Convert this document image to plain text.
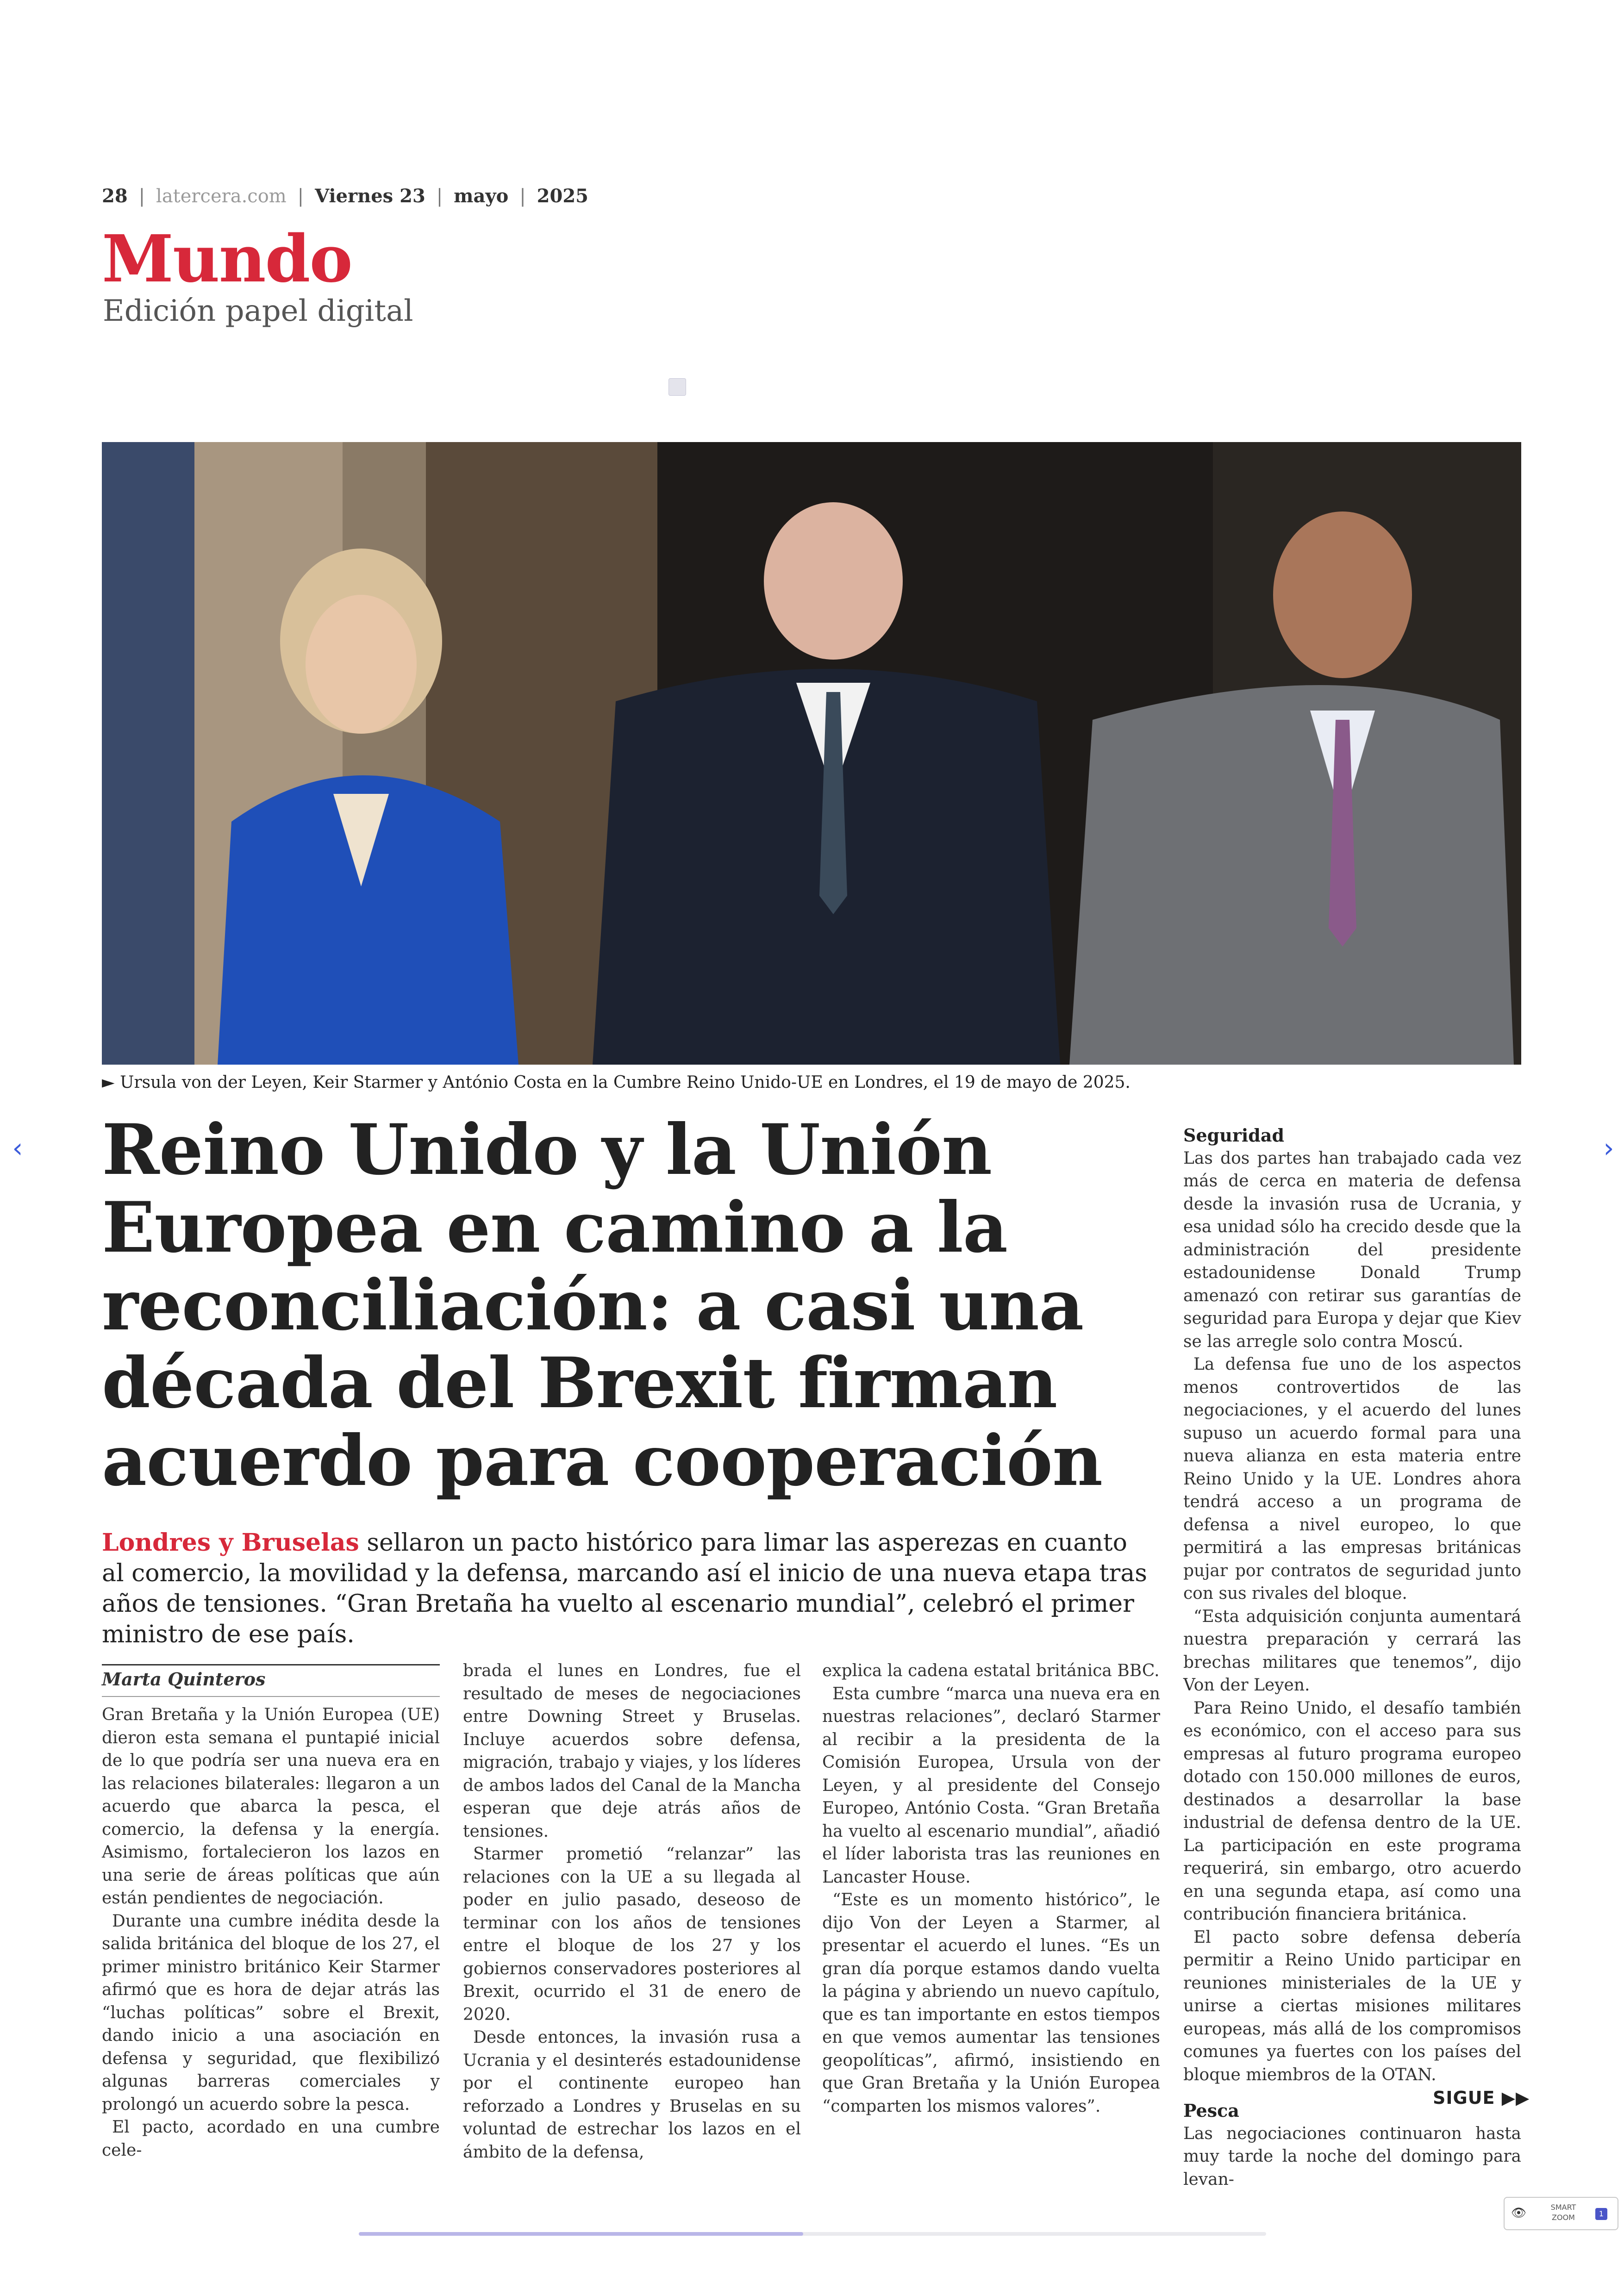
28 | latercera.com | Viernes 23 | mayo | 2025
Mundo
Edición papel digital
► Ursula von der Leyen, Keir Starmer y António Costa en la Cumbre Reino Unido-UE en Londres, el 19 de mayo de 2025.
Reino Unido y la Unión Europea en camino a la reconciliación: a casi una década del Brexit firman acuerdo para cooperación

Londres y Bruselas sellaron un pacto histórico para limar las asperezas en cuanto al comercio, la movilidad y la defensa, marcando así el inicio de una nueva etapa tras años de tensiones. “Gran Bretaña ha vuelto al escenario mundial”, celebró el primer ministro de ese país.

Marta Quinteros

Gran Bretaña y la Unión Europea (UE) dieron esta semana el puntapié inicial de lo que podría ser una nueva era en las relaciones bilaterales: llegaron a un acuerdo que abarca la pesca, el comercio, la defensa y la energía. Asimismo, fortalecieron los lazos en una serie de áreas políticas que aún están pendientes de negociación.

Durante una cumbre inédita desde la salida británica del bloque de los 27, el primer ministro británico Keir Starmer afirmó que es hora de dejar atrás las “luchas políticas” sobre el Brexit, dando inicio a una asociación en defensa y seguridad, que flexibilizó algunas barreras comerciales y prolongó un acuerdo sobre la pesca.

El pacto, acordado en una cumbre cele-

brada el lunes en Londres, fue el resultado de meses de negociaciones entre Downing Street y Bruselas. Incluye acuerdos sobre defensa, migración, trabajo y viajes, y los líderes de ambos lados del Canal de la Mancha esperan que deje atrás años de tensiones.

Starmer prometió “relanzar” las relaciones con la UE a su llegada al poder en julio pasado, deseoso de terminar con los años de tensiones entre el bloque de los 27 y los gobiernos conservadores posteriores al Brexit, ocurrido el 31 de enero de 2020.

Desde entonces, la invasión rusa a Ucrania y el desinterés estadounidense por el continente europeo han reforzado a Londres y Bruselas en su voluntad de estrechar los lazos en el ámbito de la defensa,

explica la cadena estatal británica BBC.

Esta cumbre “marca una nueva era en nuestras relaciones”, declaró Starmer al recibir a la presidenta de la Comisión Europea, Ursula von der Leyen, y al presidente del Consejo Europeo, António Costa. “Gran Bretaña ha vuelto al escenario mundial”, añadió el líder laborista tras las reuniones en Lancaster House.

“Este es un momento histórico”, le dijo Von der Leyen a Starmer, al presentar el acuerdo el lunes. “Es un gran día porque estamos dando vuelta la página y abriendo un nuevo capítulo, que es tan importante en estos tiempos en que vemos aumentar las tensiones geopolíticas”, afirmó, insistiendo en que Gran Bretaña y la Unión Europea “comparten los mismos valores”.

Seguridad

Las dos partes han trabajado cada vez más de cerca en materia de defensa desde la invasión rusa de Ucrania, y esa unidad sólo ha crecido desde que la administración del presidente estadounidense Donald Trump amenazó con retirar sus garantías de seguridad para Europa y dejar que Kiev se las arregle solo contra Moscú.

La defensa fue uno de los aspectos menos controvertidos de las negociaciones, y el acuerdo del lunes supuso un acuerdo formal para una nueva alianza en esta materia entre Reino Unido y la UE. Londres ahora tendrá acceso a un programa de defensa a nivel europeo, lo que permitirá a las empresas británicas pujar por contratos de seguridad junto con sus rivales del bloque.

“Esta adquisición conjunta aumentará nuestra preparación y cerrará las brechas militares que tenemos”, dijo Von der Leyen.

Para Reino Unido, el desafío también es económico, con el acceso para sus empresas al futuro programa europeo dotado con 150.000 millones de euros, destinados a desarrollar la base industrial de defensa dentro de la UE. La participación en este programa requerirá, sin embargo, otro acuerdo en una segunda etapa, así como una contribución financiera británica.

El pacto sobre defensa debería permitir a Reino Unido participar en reuniones ministeriales de la UE y unirse a ciertas misiones militares europeas, más allá de los compromisos comunes ya fuertes con los países del bloque miembros de la OTAN.

Pesca

Las negociaciones continuaron hasta muy tarde la noche del domingo para levan-

SIGUE ▶▶
‹	›
👁	SMART ZOOM	1
